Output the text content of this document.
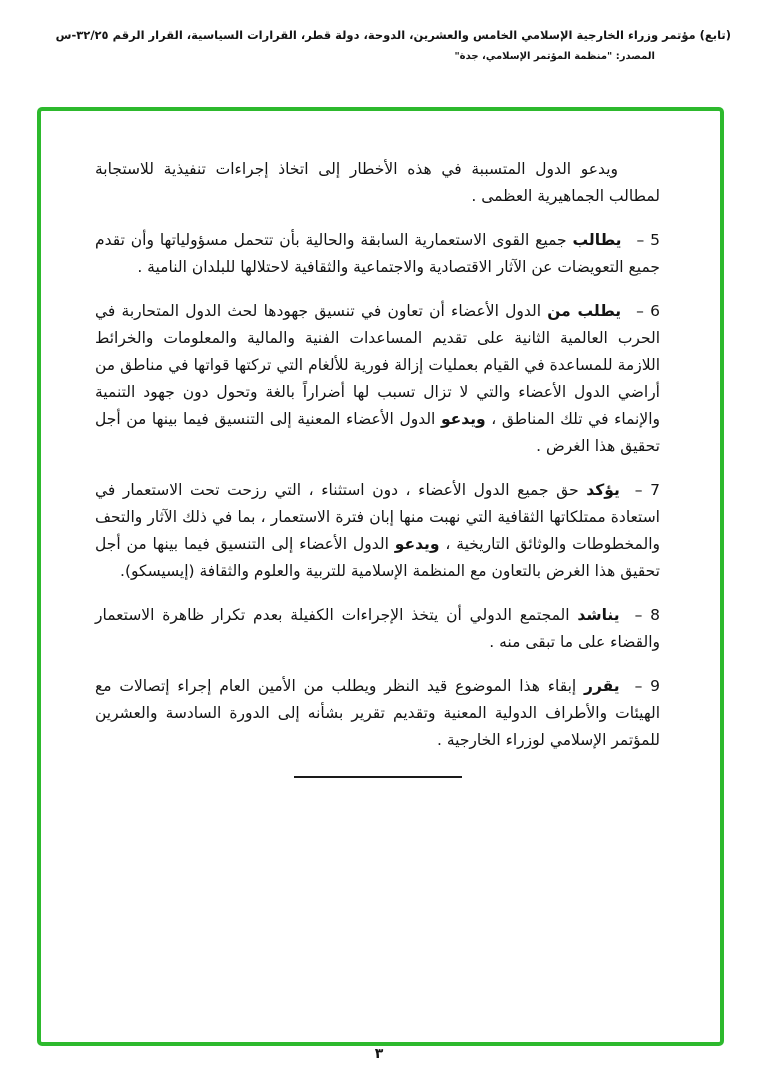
(تابع) مؤتمر وزراء الخارجية الإسلامي الخامس والعشرين، الدوحة، دولة قطر، القرارات السياسية، القرار الرقم ٣٢/٢٥-س
المصدر: "منظمة المؤتمر الإسلامي، جدة"

ويدعو الدول المتسببة في هذه الأخطار إلى اتخاذ إجراءات تنفيذية للاستجابة لمطالب الجماهيرية العظمى .

5 –يطالب جميع القوى الاستعمارية السابقة والحالية بأن تتحمل مسؤولياتها وأن تقدم جميع التعويضات عن الآثار الاقتصادية والاجتماعية والثقافية لاحتلالها للبلدان النامية .

6 –يطلب من الدول الأعضاء أن تعاون في تنسيق جهودها لحث الدول المتحاربة في الحرب العالمية الثانية على تقديم المساعدات الفنية والمالية والمعلومات والخرائط اللازمة للمساعدة في القيام بعمليات إزالة فورية للألغام التي تركتها قواتها في مناطق من أراضي الدول الأعضاء والتي لا تزال تسبب لها أضراراً بالغة وتحول دون جهود التنمية والإنماء في تلك المناطق ، ويدعو الدول الأعضاء المعنية إلى التنسيق فيما بينها من أجل تحقيق هذا الغرض .

7 –يؤكد حق جميع الدول الأعضاء ، دون استثناء ، التي رزحت تحت الاستعمار في استعادة ممتلكاتها الثقافية التي نهبت منها إبان فترة الاستعمار ، بما في ذلك الآثار والتحف والمخطوطات والوثائق التاريخية ، ويدعو الدول الأعضاء إلى التنسيق فيما بينها من أجل تحقيق هذا الغرض بالتعاون مع المنظمة الإسلامية للتربية والعلوم والثقافة (إيسيسكو).

8 –يناشد المجتمع الدولي أن يتخذ الإجراءات الكفيلة بعدم تكرار ظاهرة الاستعمار والقضاء على ما تبقى منه .

9 –يقرر إبقاء هذا الموضوع قيد النظر ويطلب من الأمين العام إجراء إتصالات مع الهيئات والأطراف الدولية المعنية وتقديم تقرير بشأنه إلى الدورة السادسة والعشرين للمؤتمر الإسلامي لوزراء الخارجية .

٣
